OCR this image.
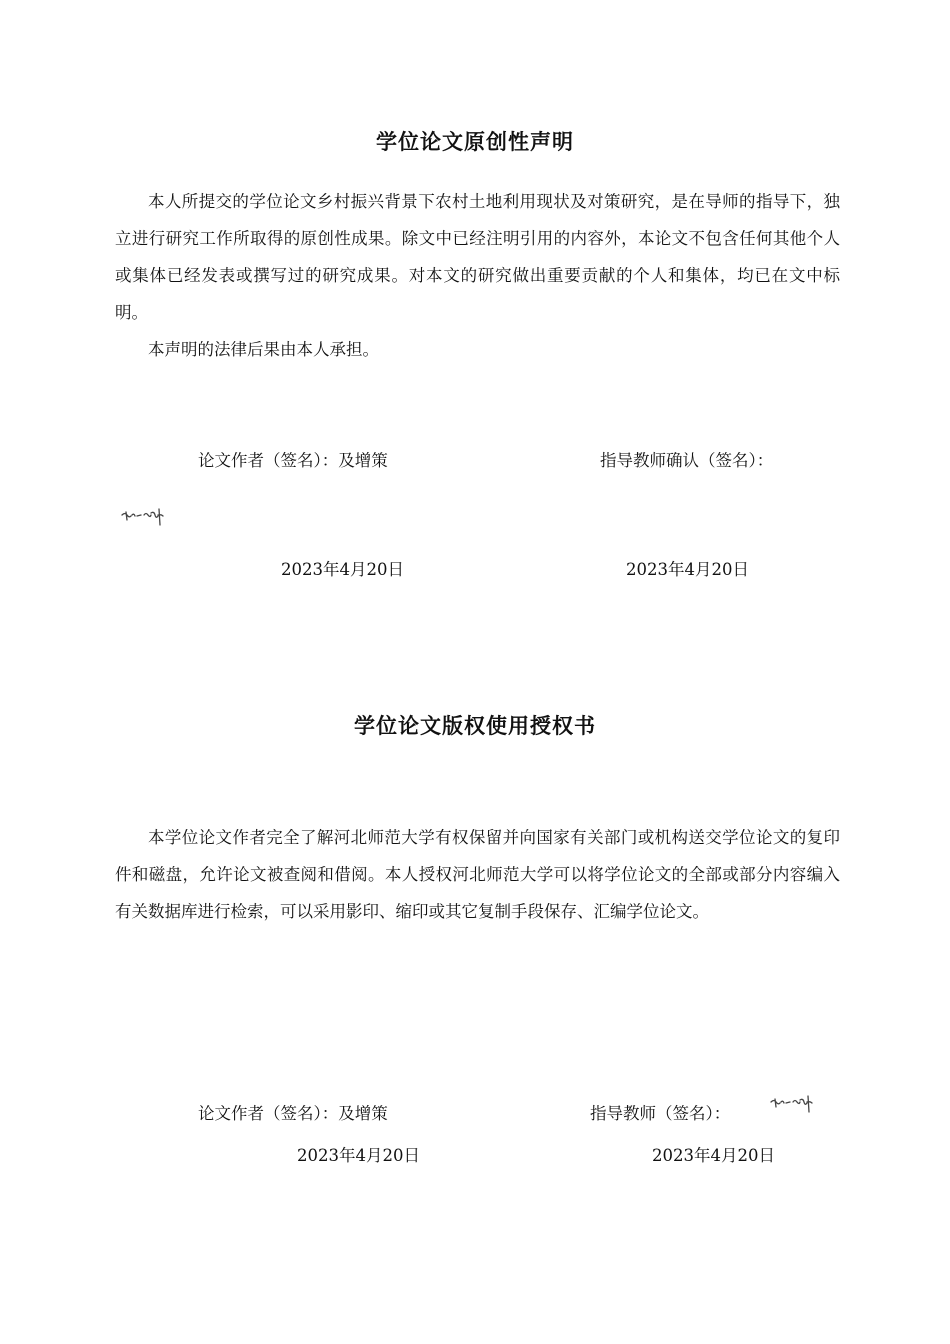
学位论文原创性声明

本人所提交的学位论文乡村振兴背景下农村土地利用现状及对策研究，是在导师的指导下，独立进行研究工作所取得的原创性成果。除文中已经注明引用的内容外，本论文不包含任何其他个人或集体已经发表或撰写过的研究成果。对本文的研究做出重要贡献的个人和集体，均已在文中标明。

本声明的法律后果由本人承担。

论文作者（签名）：及增策	指导教师确认（签名）：
2023年4月20日	2023年4月20日
学位论文版权使用授权书

本学位论文作者完全了解河北师范大学有权保留并向国家有关部门或机构送交学位论文的复印件和磁盘，允许论文被查阅和借阅。本人授权河北师范大学可以将学位论文的全部或部分内容编入有关数据库进行检索，可以采用影印、缩印或其它复制手段保存、汇编学位论文。

论文作者（签名）：及增策	指导教师（签名）：
2023年4月20日	2023年4月20日
